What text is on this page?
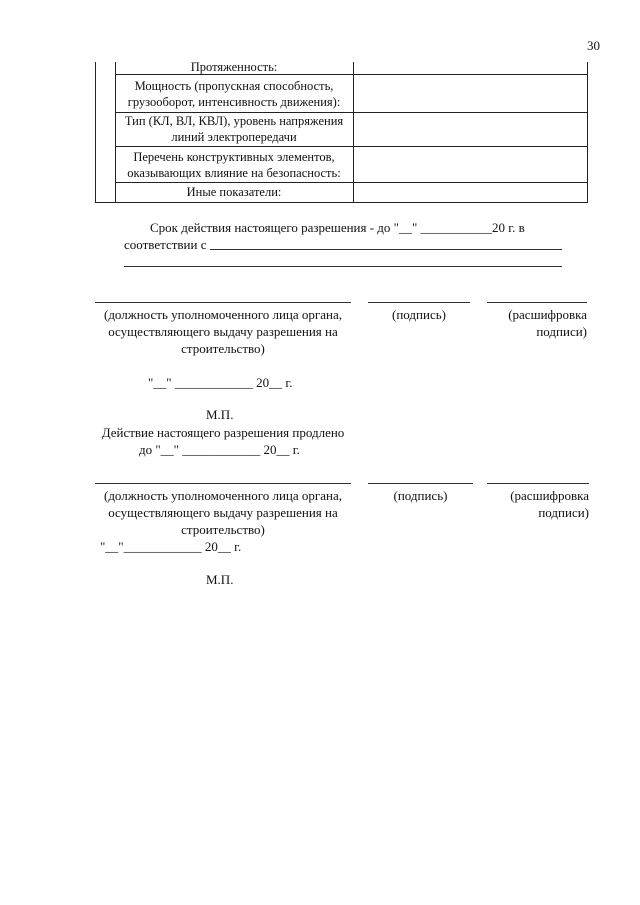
30
Протяженность:
Мощность (пропускная способность,
грузооборот, интенсивность движения):
Тип (КЛ, ВЛ, КВЛ), уровень напряжения
линий электропередачи
Перечень конструктивных элементов,
оказывающих влияние на безопасность:
Иные показатели:
Срок действия настоящего разрешения - до "__" ___________20 г. в
соответствии с
(должность уполномоченного лица органа,
осуществляющего выдачу разрешения на
строительство)
(подпись)	(расшифровка
подписи)
"__" ____________ 20__ г.
М.П.
Действие настоящего разрешения продлено
до "__" ____________ 20__ г.
(должность уполномоченного лица органа,
осуществляющего выдачу разрешения на
строительство)
(подпись)	(расшифровка
подписи)
"__"____________ 20__ г.
М.П.
